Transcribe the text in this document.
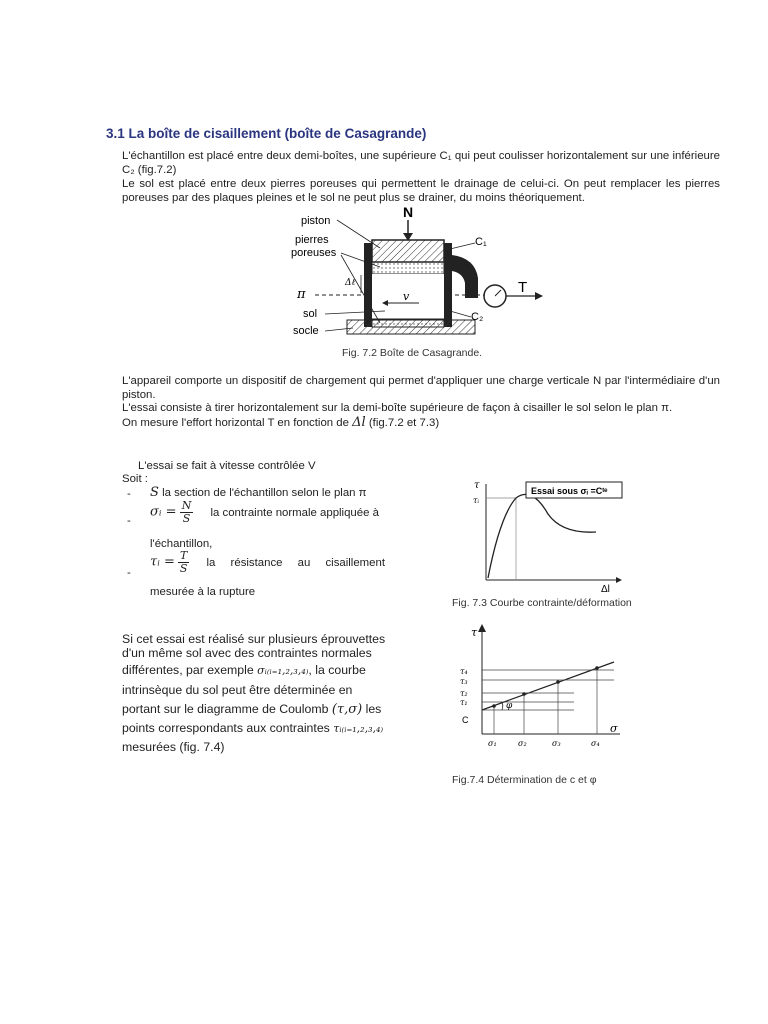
3.1 La boîte de cisaillement (boîte de Casagrande)
L'échantillon est placé entre deux demi-boîtes, une supérieure C₁ qui peut coulisser horizontalement sur une inférieure C₂ (fig.7.2)
Le sol est placé entre deux pierres poreuses qui permettent le drainage de celui-ci. On peut remplacer les pierres poreuses par des plaques pleines et le sol ne peut plus se drainer, du moins théoriquement.
N
T
π	v
piston
pierres
poreuses
Δℓ
C₁
C₂
sol
socle
Fig. 7.2 Boîte de Casagrande.
L'appareil comporte un dispositif de chargement qui permet d'appliquer une charge verticale N par l'intermédiaire d'un piston.
L'essai consiste à tirer horizontalement sur la demi-boîte supérieure de façon à cisailler le sol selon le plan π.
On mesure l'effort horizontal T en fonction de Δl (fig.7.2 et 7.3)
L'essai se fait à vitesse contrôlée V
Soit :
- S la section de l'échantillon selon le plan π
-
σᵢ = $\frac{N}{S}$ la contrainte normale appliquée à
l'échantillon,
-
τᵢ = $\frac{T}{S}$ la résistance au cisaillement
mesurée à la rupture
τ
τᵢ
Essai sous σᵢ =Cᵗᵉ
Δl
Fig. 7.3 Courbe contrainte/déformation
Si cet essai est réalisé sur plusieurs éprouvettes
d'un même sol avec des contraintes normales
différentes, par exemple σᵢ₍ᵢ₌₁,₂,₃,₄₎, la courbe
intrinsèque du sol peut être déterminée en
portant sur le diagramme de Coulomb (τ,σ) les
points correspondants aux contraintes τᵢ₍ᵢ₌₁,₂,₃,₄₎
mesurées (fig. 7.4)
τ
σ
φ
τ₄
τ₃
τ₂
τ₁
C
σ₁	σ₂	σ₃	σ₄
Fig.7.4 Détermination de c et φ
